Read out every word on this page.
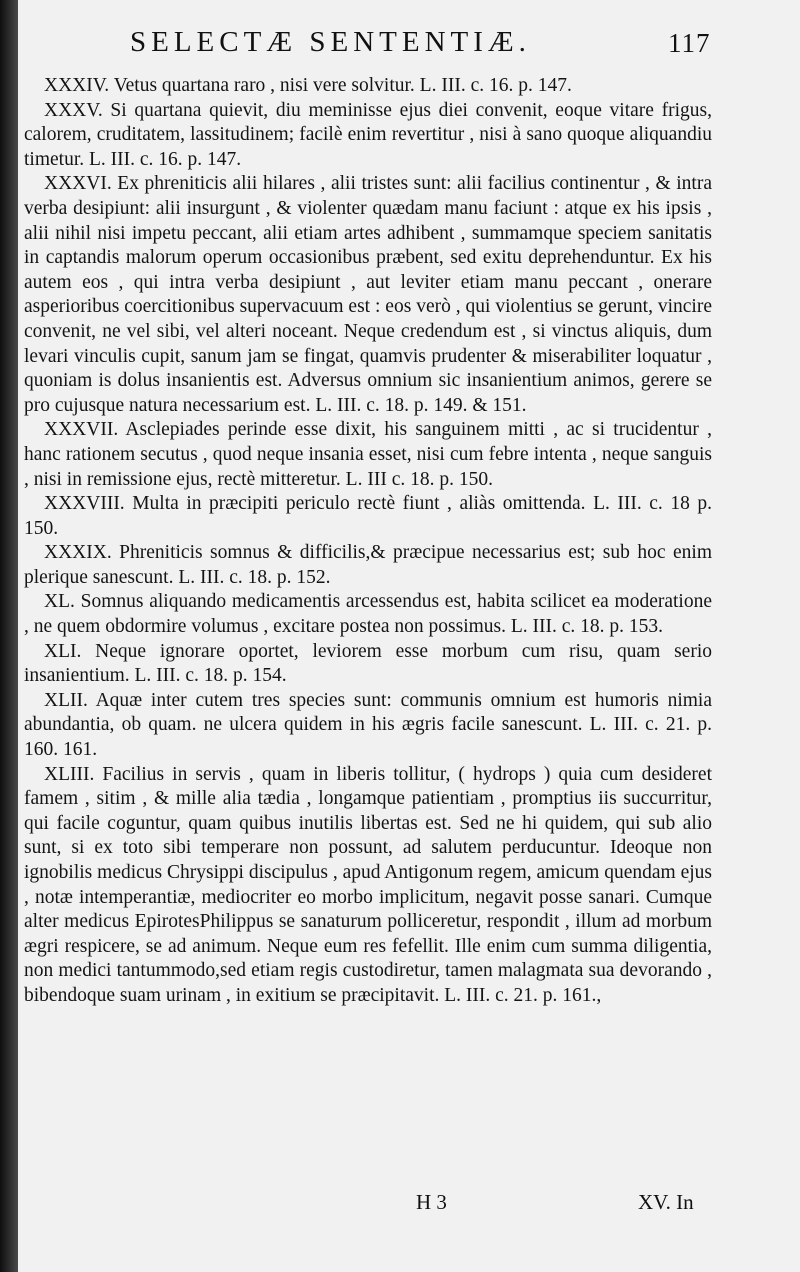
SELECTÆ SENTENTIÆ.	117

XXXIV. Vetus quartana raro , nisi vere solvitur. L. III. c. 16. p. 147.

XXXV. Si quartana quievit, diu meminisse ejus diei convenit, eoque vitare frigus, calorem, cruditatem, lassitudinem; facilè enim revertitur , nisi à sano quoque aliquandiu timetur. L. III. c. 16. p. 147.

XXXVI. Ex phreniticis alii hilares , alii tristes sunt: alii facilius continentur , & intra verba desipiunt: alii insurgunt , & violenter quædam manu faciunt : atque ex his ipsis , alii nihil nisi impetu peccant, alii etiam artes adhibent , summamque speciem sanitatis in captandis malorum operum occasionibus præbent, sed exitu deprehenduntur. Ex his autem eos , qui intra verba desipiunt , aut leviter etiam manu peccant , onerare asperioribus coercitionibus supervacuum est : eos verò , qui violentius se gerunt, vincire convenit, ne vel sibi, vel alteri noceant. Neque credendum est , si vinctus aliquis, dum levari vinculis cupit, sanum jam se fingat, quamvis prudenter & miserabiliter loquatur , quoniam is dolus insanientis est. Adversus omnium sic insanientium animos, gerere se pro cujusque natura necessarium est. L. III. c. 18. p. 149. & 151.

XXXVII. Asclepiades perinde esse dixit, his sanguinem mitti , ac si trucidentur , hanc rationem secutus , quod neque insania esset, nisi cum febre intenta , neque sanguis , nisi in remissione ejus, rectè mitteretur. L. III c. 18. p. 150.

XXXVIII. Multa in præcipiti periculo rectè fiunt , aliàs omittenda. L. III. c. 18 p. 150.

XXXIX. Phreniticis somnus & difficilis,& præcipue necessarius est; sub hoc enim plerique sanescunt. L. III. c. 18. p. 152.

XL. Somnus aliquando medicamentis arcessendus est, habita scilicet ea moderatione , ne quem obdormire volumus , excitare postea non possimus. L. III. c. 18. p. 153.

XLI. Neque ignorare oportet, leviorem esse morbum cum risu, quam serio insanientium. L. III. c. 18. p. 154.

XLII. Aquæ inter cutem tres species sunt: communis omnium est humoris nimia abundantia, ob quam. ne ulcera quidem in his ægris facile sanescunt. L. III. c. 21. p. 160. 161.

XLIII. Facilius in servis , quam in liberis tollitur, ( hydrops ) quia cum desideret famem , sitim , & mille alia tædia , longamque patientiam , promptius iis succurritur, qui facile coguntur, quam quibus inutilis libertas est. Sed ne hi quidem, qui sub alio sunt, si ex toto sibi temperare non possunt, ad salutem perducuntur. Ideoque non ignobilis medicus Chrysippi discipulus , apud Antigonum regem, amicum quendam ejus , notæ intemperantiæ, mediocriter eo morbo implicitum, negavit posse sanari. Cumque alter medicus EpirotesPhilippus se sanaturum polliceretur, respondit , illum ad morbum ægri respicere, se ad animum. Neque eum res fefellit. Ille enim cum summa diligentia, non medici tantummodo,sed etiam regis custodiretur, tamen malagmata sua devorando , bibendoque suam urinam , in exitium se præcipitavit. L. III. c. 21. p. 161.,

H 3	XV. In
